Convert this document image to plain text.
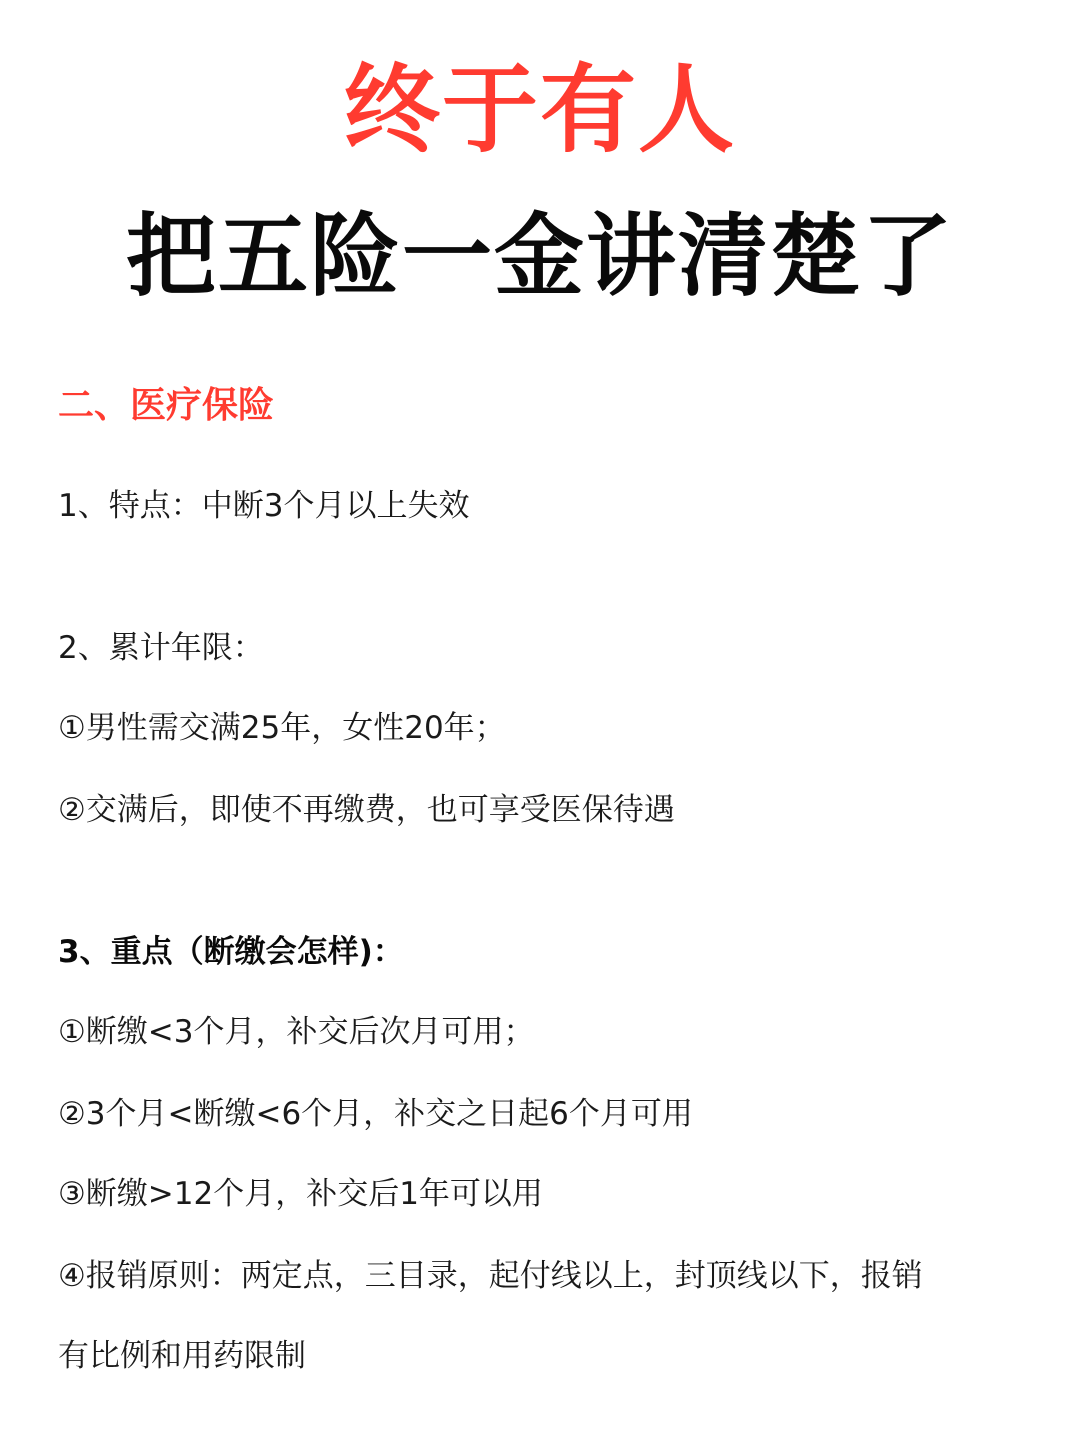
终于有人
把五险一金讲清楚了
二、医疗保险
1、特点：中断3个月以上失效
2、累计年限：
①男性需交满25年，女性20年；
②交满后，即使不再缴费，也可享受医保待遇
3、重点（断缴会怎样)：
①断缴<3个月，补交后次月可用；
②3个月<断缴<6个月，补交之日起6个月可用
③断缴>12个月，补交后1年可以用
④报销原则：两定点，三目录，起付线以上，封顶线以下，报销
有比例和用药限制
